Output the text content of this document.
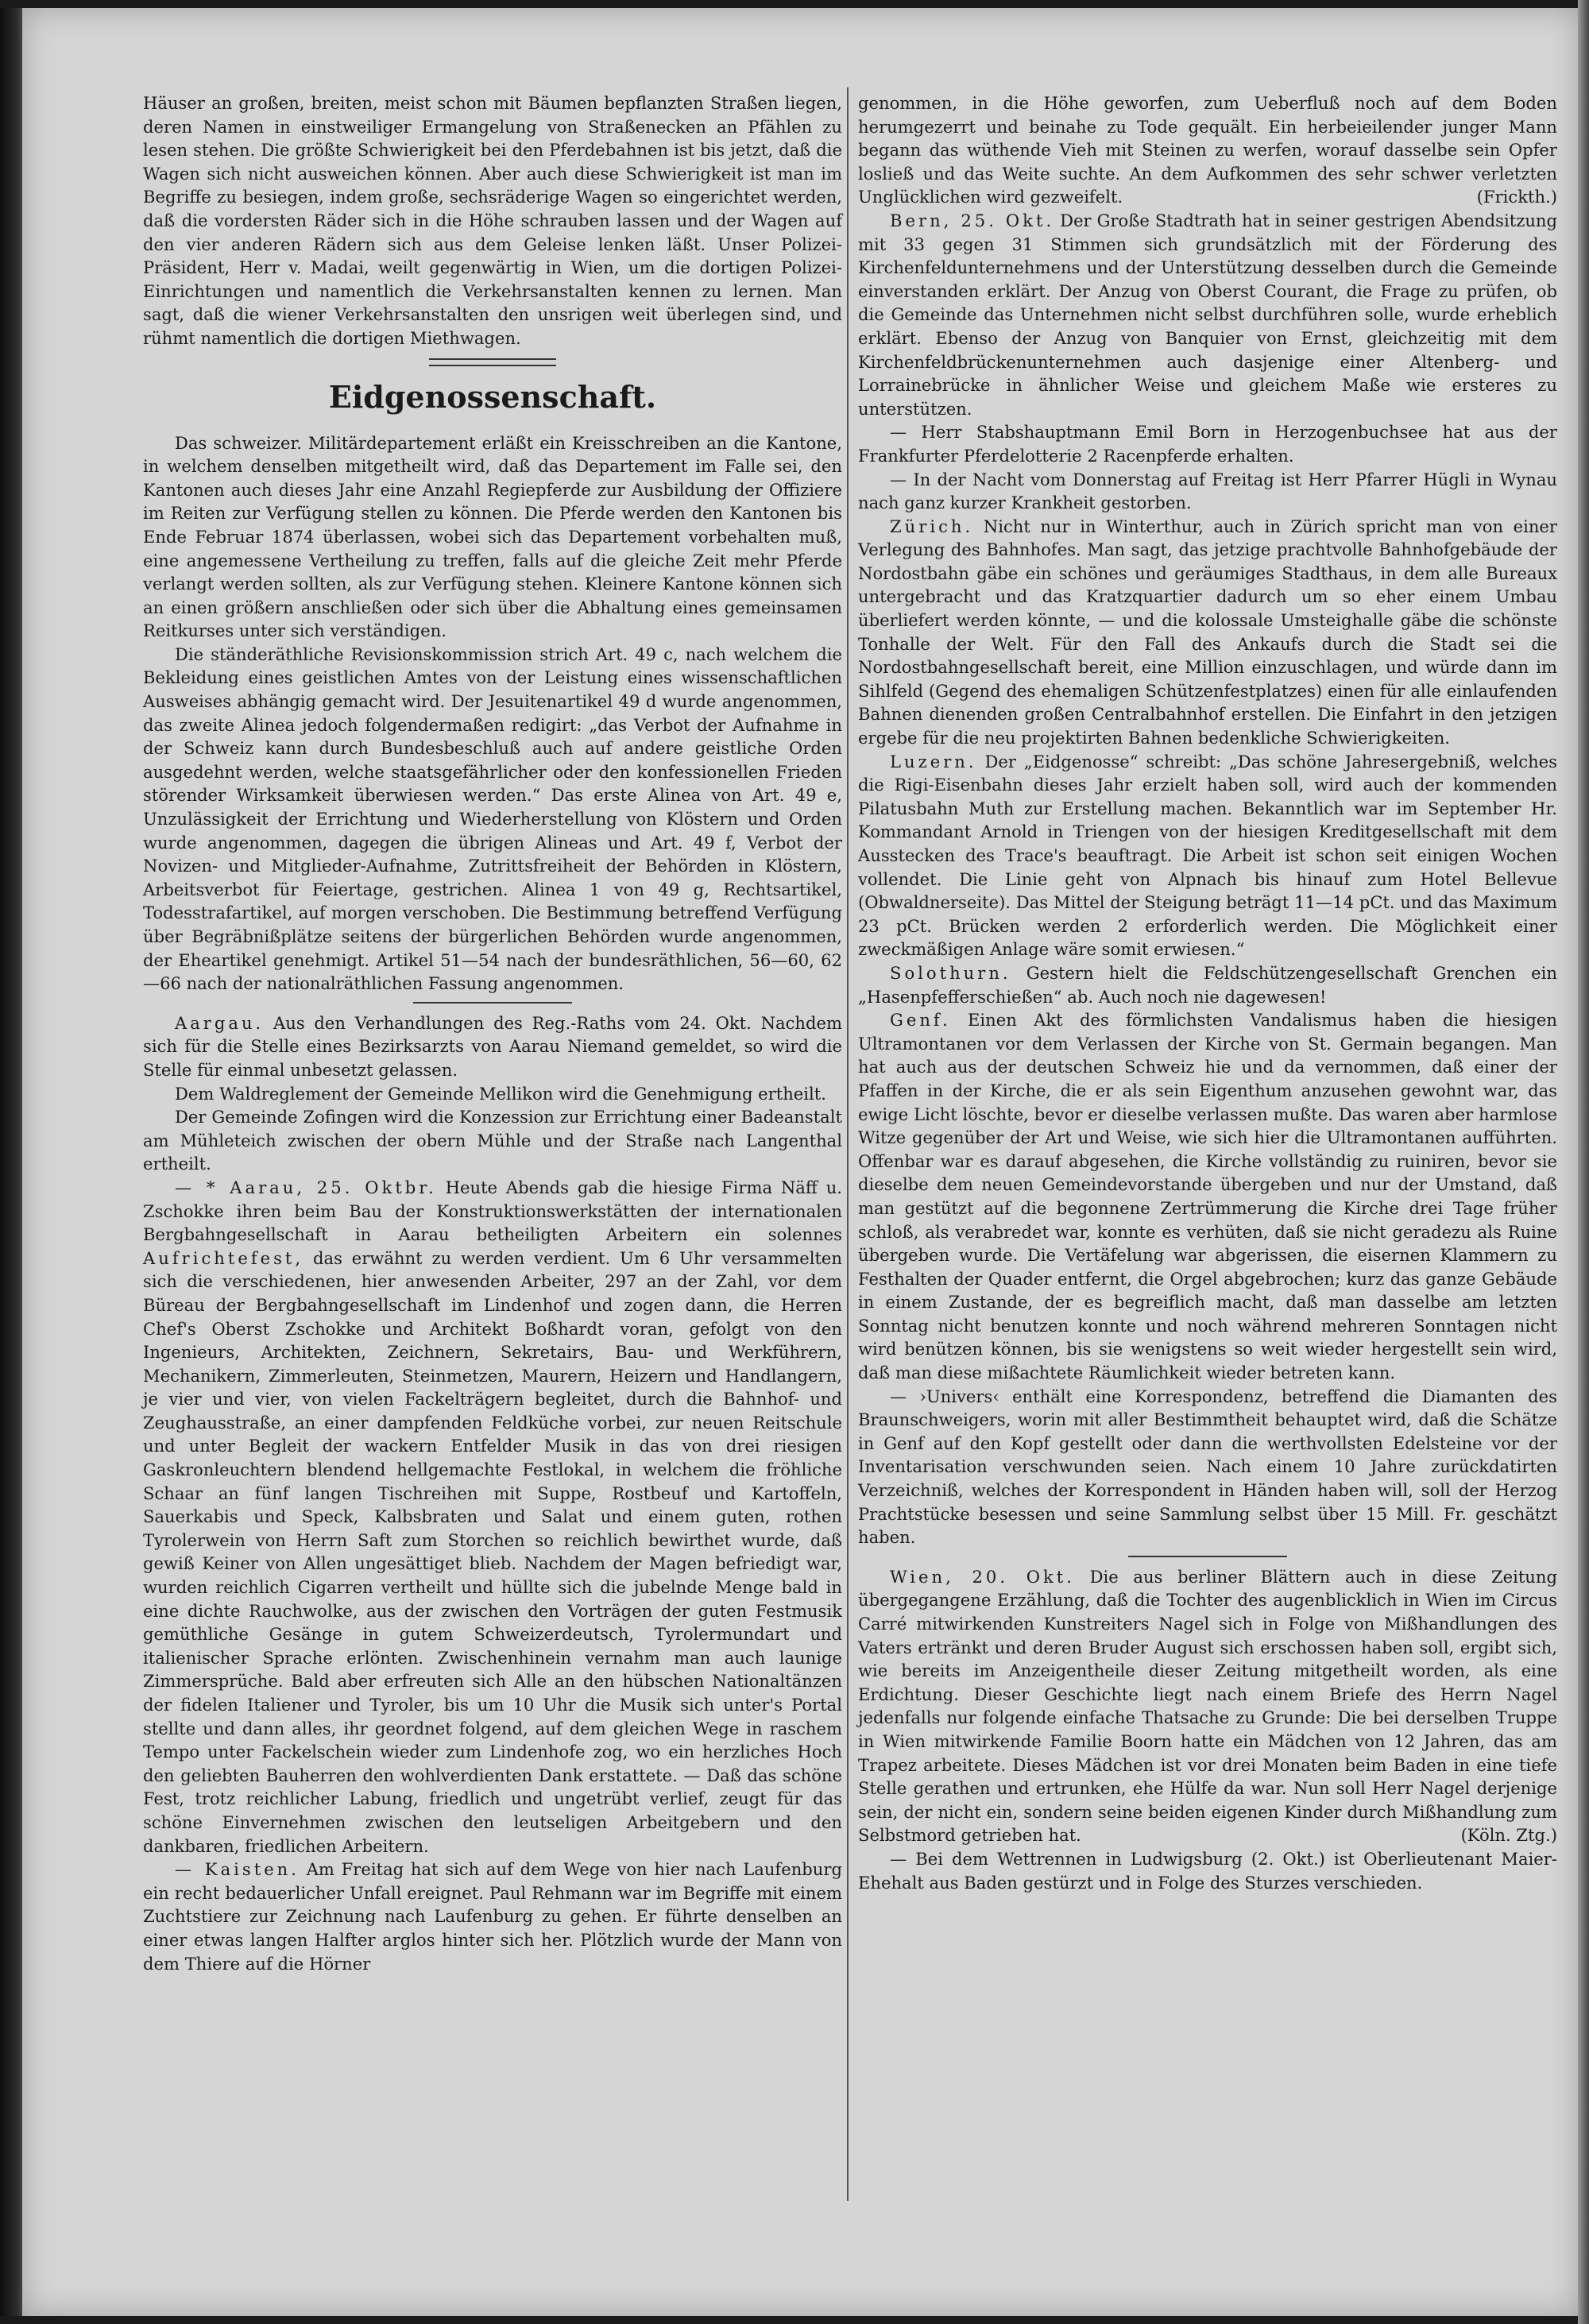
Häuser an großen, breiten, meist schon mit Bäumen bepflanzten Straßen liegen, deren Namen in einstweiliger Ermangelung von Straßenecken an Pfählen zu lesen stehen. Die größte Schwierigkeit bei den Pferdebahnen ist bis jetzt, daß die Wagen sich nicht ausweichen können. Aber auch diese Schwierigkeit ist man im Begriffe zu besiegen, indem große, sechsräderige Wagen so eingerichtet werden, daß die vordersten Räder sich in die Höhe schrauben lassen und der Wagen auf den vier anderen Rädern sich aus dem Geleise lenken läßt. Unser Polizei-Präsident, Herr v. Madai, weilt gegenwärtig in Wien, um die dortigen Polizei-Einrichtungen und namentlich die Verkehrsanstalten kennen zu lernen. Man sagt, daß die wiener Verkehrsanstalten den unsrigen weit überlegen sind, und rühmt namentlich die dortigen Miethwagen.

Eidgenossenschaft.

Das schweizer. Militärdepartement erläßt ein Kreisschreiben an die Kantone, in welchem denselben mitgetheilt wird, daß das Departement im Falle sei, den Kantonen auch dieses Jahr eine Anzahl Regiepferde zur Ausbildung der Offiziere im Reiten zur Verfügung stellen zu können. Die Pferde werden den Kantonen bis Ende Februar 1874 überlassen, wobei sich das Departement vorbehalten muß, eine angemessene Vertheilung zu treffen, falls auf die gleiche Zeit mehr Pferde verlangt werden sollten, als zur Verfügung stehen. Kleinere Kantone können sich an einen größern anschließen oder sich über die Abhaltung eines gemeinsamen Reitkurses unter sich verständigen.

Die ständeräthliche Revisionskommission strich Art. 49 c, nach welchem die Bekleidung eines geistlichen Amtes von der Leistung eines wissenschaftlichen Ausweises abhängig gemacht wird. Der Jesuitenartikel 49 d wurde angenommen, das zweite Alinea jedoch folgendermaßen redigirt: „das Verbot der Aufnahme in der Schweiz kann durch Bundesbeschluß auch auf andere geistliche Orden ausgedehnt werden, welche staatsgefährlicher oder den konfessionellen Frieden störender Wirksamkeit überwiesen werden.“ Das erste Alinea von Art. 49 e, Unzulässigkeit der Errichtung und Wiederherstellung von Klöstern und Orden wurde angenommen, dagegen die übrigen Alineas und Art. 49 f, Verbot der Novizen- und Mitglieder-Aufnahme, Zutrittsfreiheit der Behörden in Klöstern, Arbeitsverbot für Feiertage, gestrichen. Alinea 1 von 49 g, Rechtsartikel, Todesstrafartikel, auf morgen verschoben. Die Bestimmung betreffend Verfügung über Begräbnißplätze seitens der bürgerlichen Behörden wurde angenommen, der Eheartikel genehmigt. Artikel 51—54 nach der bundesräthlichen, 56—60, 62—66 nach der nationalräthlichen Fassung angenommen.

Aargau. Aus den Verhandlungen des Reg.-Raths vom 24. Okt. Nachdem sich für die Stelle eines Bezirksarzts von Aarau Niemand gemeldet, so wird die Stelle für einmal unbesetzt gelassen.

Dem Waldreglement der Gemeinde Mellikon wird die Genehmigung ertheilt.

Der Gemeinde Zofingen wird die Konzession zur Errichtung einer Badeanstalt am Mühleteich zwischen der obern Mühle und der Straße nach Langenthal ertheilt.

— * Aarau, 25. Oktbr. Heute Abends gab die hiesige Firma Näff u. Zschokke ihren beim Bau der Konstruktionswerkstätten der internationalen Bergbahngesellschaft in Aarau betheiligten Arbeitern ein solennes Aufrichtefest, das erwähnt zu werden verdient. Um 6 Uhr versammelten sich die verschiedenen, hier anwesenden Arbeiter, 297 an der Zahl, vor dem Büreau der Bergbahngesellschaft im Lindenhof und zogen dann, die Herren Chef's Oberst Zschokke und Architekt Boßhardt voran, gefolgt von den Ingenieurs, Architekten, Zeichnern, Sekretairs, Bau- und Werkführern, Mechanikern, Zimmerleuten, Steinmetzen, Maurern, Heizern und Handlangern, je vier und vier, von vielen Fackelträgern begleitet, durch die Bahnhof- und Zeughausstraße, an einer dampfenden Feldküche vorbei, zur neuen Reitschule und unter Begleit der wackern Entfelder Musik in das von drei riesigen Gaskronleuchtern blendend hellgemachte Festlokal, in welchem die fröhliche Schaar an fünf langen Tischreihen mit Suppe, Rostbeuf und Kartoffeln, Sauerkabis und Speck, Kalbsbraten und Salat und einem guten, rothen Tyrolerwein von Herrn Saft zum Storchen so reichlich bewirthet wurde, daß gewiß Keiner von Allen ungesättiget blieb. Nachdem der Magen befriedigt war, wurden reichlich Cigarren vertheilt und hüllte sich die jubelnde Menge bald in eine dichte Rauchwolke, aus der zwischen den Vorträgen der guten Festmusik gemüthliche Gesänge in gutem Schweizerdeutsch, Tyrolermundart und italienischer Sprache erlönten. Zwischenhinein vernahm man auch launige Zimmersprüche. Bald aber erfreuten sich Alle an den hübschen Nationaltänzen der fidelen Italiener und Tyroler, bis um 10 Uhr die Musik sich unter's Portal stellte und dann alles, ihr geordnet folgend, auf dem gleichen Wege in raschem Tempo unter Fackelschein wieder zum Lindenhofe zog, wo ein herzliches Hoch den geliebten Bauherren den wohlverdienten Dank erstattete. — Daß das schöne Fest, trotz reichlicher Labung, friedlich und ungetrübt verlief, zeugt für das schöne Einvernehmen zwischen den leutseligen Arbeitgebern und den dankbaren, friedlichen Arbeitern.

— Kaisten. Am Freitag hat sich auf dem Wege von hier nach Laufenburg ein recht bedauerlicher Unfall ereignet. Paul Rehmann war im Begriffe mit einem Zuchtstiere zur Zeichnung nach Laufenburg zu gehen. Er führte denselben an einer etwas langen Halfter arglos hinter sich her. Plötzlich wurde der Mann von dem Thiere auf die Hörner

genommen, in die Höhe geworfen, zum Ueberfluß noch auf dem Boden herumgezerrt und beinahe zu Tode gequält. Ein herbeieilender junger Mann begann das wüthende Vieh mit Steinen zu werfen, worauf dasselbe sein Opfer losließ und das Weite suchte. An dem Aufkommen des sehr schwer verletzten Unglücklichen wird gezweifelt.	(Frickth.)

Bern, 25. Okt. Der Große Stadtrath hat in seiner gestrigen Abendsitzung mit 33 gegen 31 Stimmen sich grundsätzlich mit der Förderung des Kirchenfeldunternehmens und der Unterstützung desselben durch die Gemeinde einverstanden erklärt. Der Anzug von Oberst Courant, die Frage zu prüfen, ob die Gemeinde das Unternehmen nicht selbst durchführen solle, wurde erheblich erklärt. Ebenso der Anzug von Banquier von Ernst, gleichzeitig mit dem Kirchenfeldbrückenunternehmen auch dasjenige einer Altenberg- und Lorrainebrücke in ähnlicher Weise und gleichem Maße wie ersteres zu unterstützen.

— Herr Stabshauptmann Emil Born in Herzogenbuchsee hat aus der Frankfurter Pferdelotterie 2 Racenpferde erhalten.

— In der Nacht vom Donnerstag auf Freitag ist Herr Pfarrer Hügli in Wynau nach ganz kurzer Krankheit gestorben.

Zürich. Nicht nur in Winterthur, auch in Zürich spricht man von einer Verlegung des Bahnhofes. Man sagt, das jetzige prachtvolle Bahnhofgebäude der Nordostbahn gäbe ein schönes und geräumiges Stadthaus, in dem alle Bureaux untergebracht und das Kratzquartier dadurch um so eher einem Umbau überliefert werden könnte, — und die kolossale Umsteighalle gäbe die schönste Tonhalle der Welt. Für den Fall des Ankaufs durch die Stadt sei die Nordostbahngesellschaft bereit, eine Million einzuschlagen, und würde dann im Sihlfeld (Gegend des ehemaligen Schützenfestplatzes) einen für alle einlaufenden Bahnen dienenden großen Centralbahnhof erstellen. Die Einfahrt in den jetzigen ergebe für die neu projektirten Bahnen bedenkliche Schwierigkeiten.

Luzern. Der „Eidgenosse“ schreibt: „Das schöne Jahresergebniß, welches die Rigi-Eisenbahn dieses Jahr erzielt haben soll, wird auch der kommenden Pilatusbahn Muth zur Erstellung machen. Bekanntlich war im September Hr. Kommandant Arnold in Triengen von der hiesigen Kreditgesellschaft mit dem Ausstecken des Trace's beauftragt. Die Arbeit ist schon seit einigen Wochen vollendet. Die Linie geht von Alpnach bis hinauf zum Hotel Bellevue (Obwaldnerseite). Das Mittel der Steigung beträgt 11—14 pCt. und das Maximum 23 pCt. Brücken werden 2 erforderlich werden. Die Möglichkeit einer zweckmäßigen Anlage wäre somit erwiesen.“

Solothurn. Gestern hielt die Feldschützengesellschaft Grenchen ein „Hasenpfefferschießen“ ab. Auch noch nie dagewesen!

Genf. Einen Akt des förmlichsten Vandalismus haben die hiesigen Ultramontanen vor dem Verlassen der Kirche von St. Germain begangen. Man hat auch aus der deutschen Schweiz hie und da vernommen, daß einer der Pfaffen in der Kirche, die er als sein Eigenthum anzusehen gewohnt war, das ewige Licht löschte, bevor er dieselbe verlassen mußte. Das waren aber harmlose Witze gegenüber der Art und Weise, wie sich hier die Ultramontanen aufführten. Offenbar war es darauf abgesehen, die Kirche vollständig zu ruiniren, bevor sie dieselbe dem neuen Gemeindevorstande übergeben und nur der Umstand, daß man gestützt auf die begonnene Zertrümmerung die Kirche drei Tage früher schloß, als verabredet war, konnte es verhüten, daß sie nicht geradezu als Ruine übergeben wurde. Die Vertäfelung war abgerissen, die eisernen Klammern zu Festhalten der Quader entfernt, die Orgel abgebrochen; kurz das ganze Gebäude in einem Zustande, der es begreiflich macht, daß man dasselbe am letzten Sonntag nicht benutzen konnte und noch während mehreren Sonntagen nicht wird benützen können, bis sie wenigstens so weit wieder hergestellt sein wird, daß man diese mißachtete Räumlichkeit wieder betreten kann.

— ›Univers‹ enthält eine Korrespondenz, betreffend die Diamanten des Braunschweigers, worin mit aller Bestimmtheit behauptet wird, daß die Schätze in Genf auf den Kopf gestellt oder dann die werthvollsten Edelsteine vor der Inventarisation verschwunden seien. Nach einem 10 Jahre zurückdatirten Verzeichniß, welches der Korrespondent in Händen haben will, soll der Herzog Prachtstücke besessen und seine Sammlung selbst über 15 Mill. Fr. geschätzt haben.

Wien, 20. Okt. Die aus berliner Blättern auch in diese Zeitung übergegangene Erzählung, daß die Tochter des augenblicklich in Wien im Circus Carré mitwirkenden Kunstreiters Nagel sich in Folge von Mißhandlungen des Vaters ertränkt und deren Bruder August sich erschossen haben soll, ergibt sich, wie bereits im Anzeigentheile dieser Zeitung mitgetheilt worden, als eine Erdichtung. Dieser Geschichte liegt nach einem Briefe des Herrn Nagel jedenfalls nur folgende einfache Thatsache zu Grunde: Die bei derselben Truppe in Wien mitwirkende Familie Boorn hatte ein Mädchen von 12 Jahren, das am Trapez arbeitete. Dieses Mädchen ist vor drei Monaten beim Baden in eine tiefe Stelle gerathen und ertrunken, ehe Hülfe da war. Nun soll Herr Nagel derjenige sein, der nicht ein, sondern seine beiden eigenen Kinder durch Mißhandlung zum Selbstmord getrieben hat.	(Köln. Ztg.)

— Bei dem Wettrennen in Ludwigsburg (2. Okt.) ist Oberlieutenant Maier-Ehehalt aus Baden gestürzt und in Folge des Sturzes verschieden.
